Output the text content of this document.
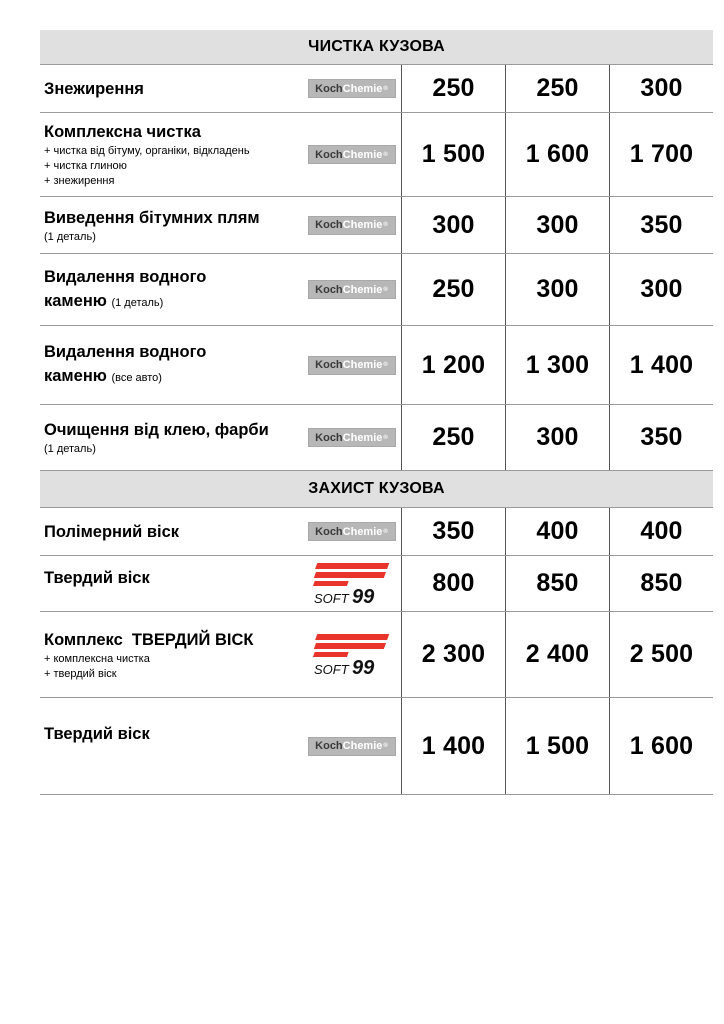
ЧИСТКА КУЗОВА
Знежирення	Koch Chemie ®	250	250	300
Комплексна чистка
+ чистка від бітуму, органіки, відкладень
+ чистка глиною
+ знежирення
Koch Chemie ®	1 500	1 600	1 700
Виведення бітумних плям
(1 деталь)
Koch Chemie ®	300	300	350
Видалення водного каменю (1 деталь)
Koch Chemie ®	250	300	300
Видалення водного каменю (все авто)
Koch Chemie ®	1 200	1 300	1 400
Очищення від клею, фарби
(1 деталь)
Koch Chemie ®	250	300	350
ЗАХИСТ КУЗОВА
Полімерний віск	Koch Chemie ®	350	400	400
Твердий віск
SOFT 99	800	850	850
Комплекс  ТВЕРДИЙ ВІСК
+ комплексна чистка
+ твердий віск	SOFT 99	2 300	2 400	2 500
Твердий віск
Koch Chemie ®	1 400	1 500	1 600
